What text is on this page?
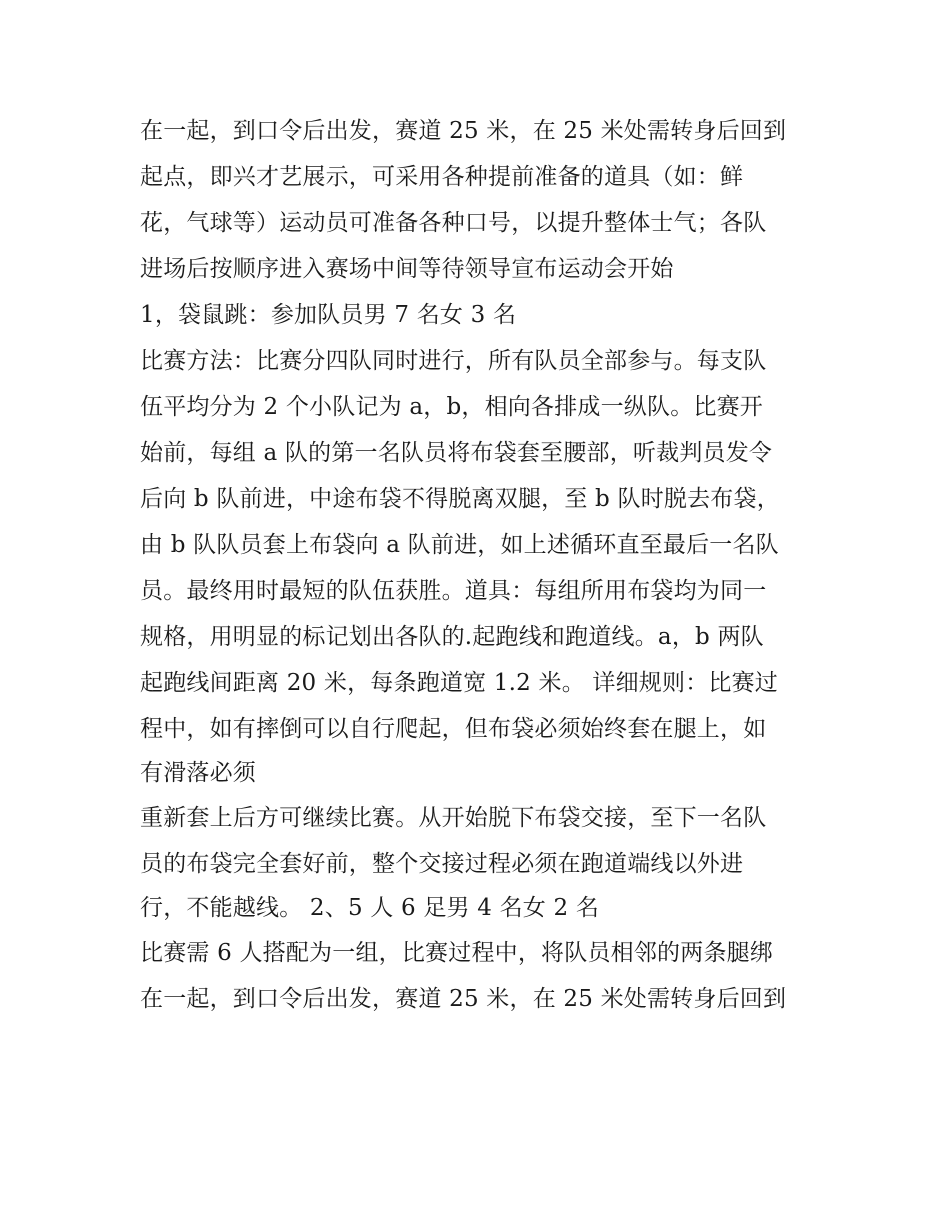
在一起，到口令后出发，赛道 25 米，在 25 米处需转身后回到
起点，即兴才艺展示，可采用各种提前准备的道具（如：鲜
花，气球等）运动员可准备各种口号，以提升整体士气；各队
进场后按顺序进入赛场中间等待领导宣布运动会开始
1，袋鼠跳：参加队员男 7 名女 3 名
比赛方法：比赛分四队同时进行，所有队员全部参与。每支队
伍平均分为 2 个小队记为 a，b，相向各排成一纵队。比赛开
始前，每组 a 队的第一名队员将布袋套至腰部，听裁判员发令
后向 b 队前进，中途布袋不得脱离双腿，至 b 队时脱去布袋，
由 b 队队员套上布袋向 a 队前进，如上述循环直至最后一名队
员。最终用时最短的队伍获胜。道具：每组所用布袋均为同一
规格，用明显的标记划出各队的.起跑线和跑道线。a，b 两队
起跑线间距离 20 米，每条跑道宽 1.2 米。 详细规则：比赛过
程中，如有摔倒可以自行爬起，但布袋必须始终套在腿上，如
有滑落必须
重新套上后方可继续比赛。从开始脱下布袋交接，至下一名队
员的布袋完全套好前，整个交接过程必须在跑道端线以外进
行，不能越线。 2、5 人 6 足男 4 名女 2 名
比赛需 6 人搭配为一组，比赛过程中，将队员相邻的两条腿绑
在一起，到口令后出发，赛道 25 米，在 25 米处需转身后回到
